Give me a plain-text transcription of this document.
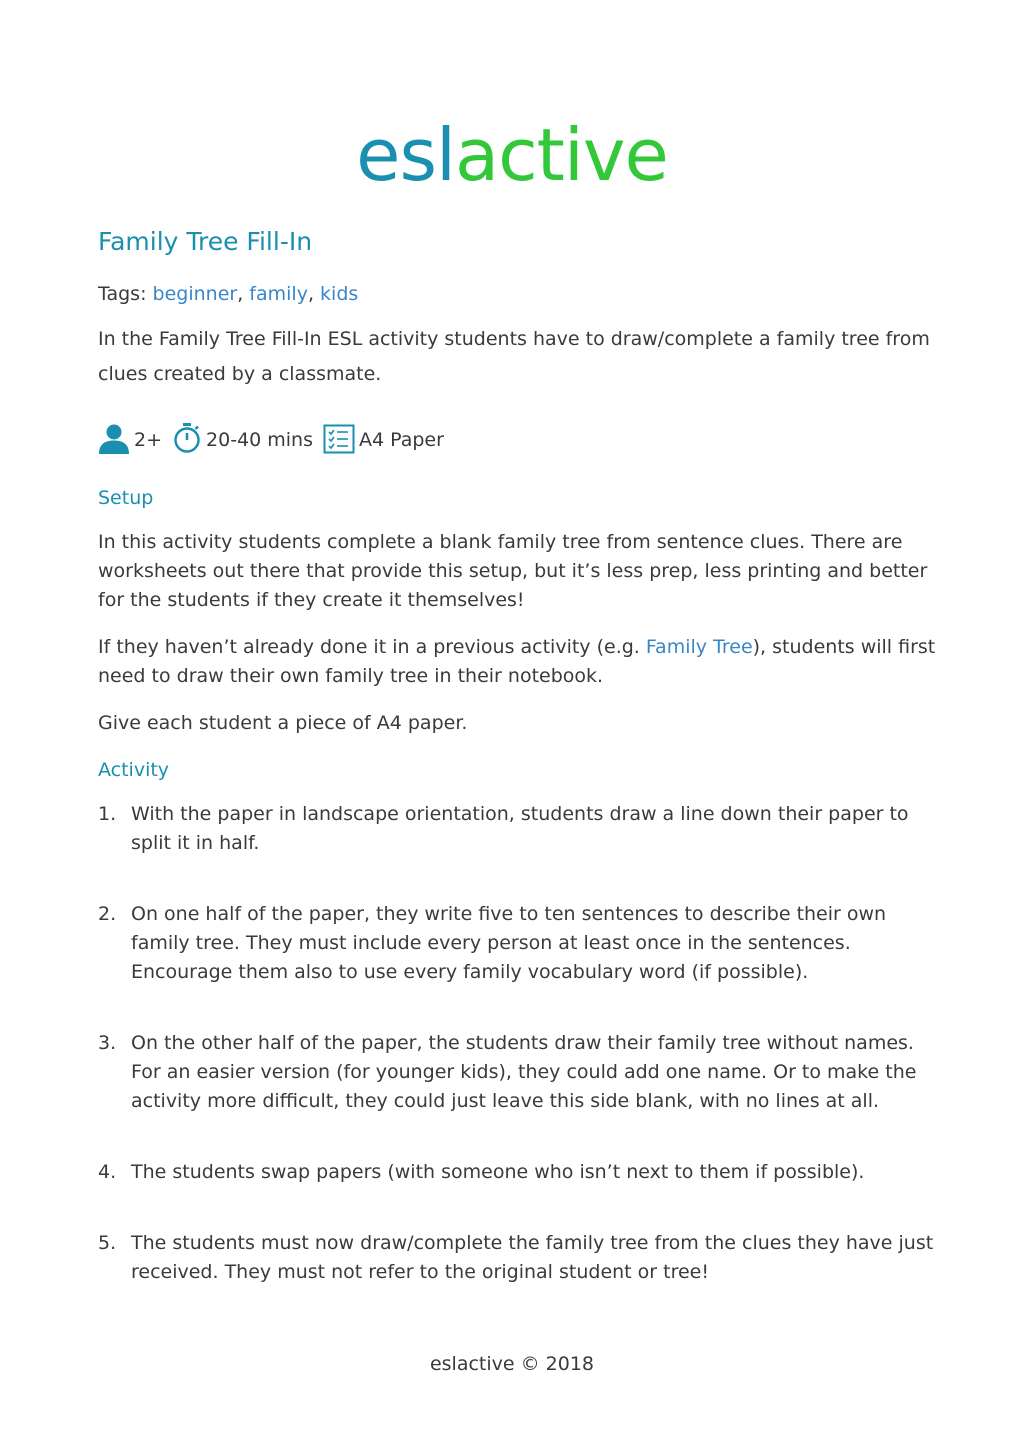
eslactive
Family Tree Fill-In
Tags: beginner, family, kids

In the Family Tree Fill-In ESL activity students have to draw/complete a family tree from clues created by a classmate.

2+ 20-40 mins A4 Paper
Setup

In this activity students complete a blank family tree from sentence clues. There are worksheets out there that provide this setup, but it’s less prep, less printing and better for the students if they create it themselves!

If they haven’t already done it in a previous activity (e.g. Family Tree), students will first need to draw their own family tree in their notebook.

Give each student a piece of A4 paper.

Activity
1. With the paper in landscape orientation, students draw a line down their paper to split it in half.
2. On one half of the paper, they write five to ten sentences to describe their own family tree. They must include every person at least once in the sentences. Encourage them also to use every family vocabulary word (if possible).
3. On the other half of the paper, the students draw their family tree without names. For an easier version (for younger kids), they could add one name. Or to make the activity more difficult, they could just leave this side blank, with no lines at all.
4. The students swap papers (with someone who isn’t next to them if possible).
5. The students must now draw/complete the family tree from the clues they have just received. They must not refer to the original student or tree!
eslactive © 2018
